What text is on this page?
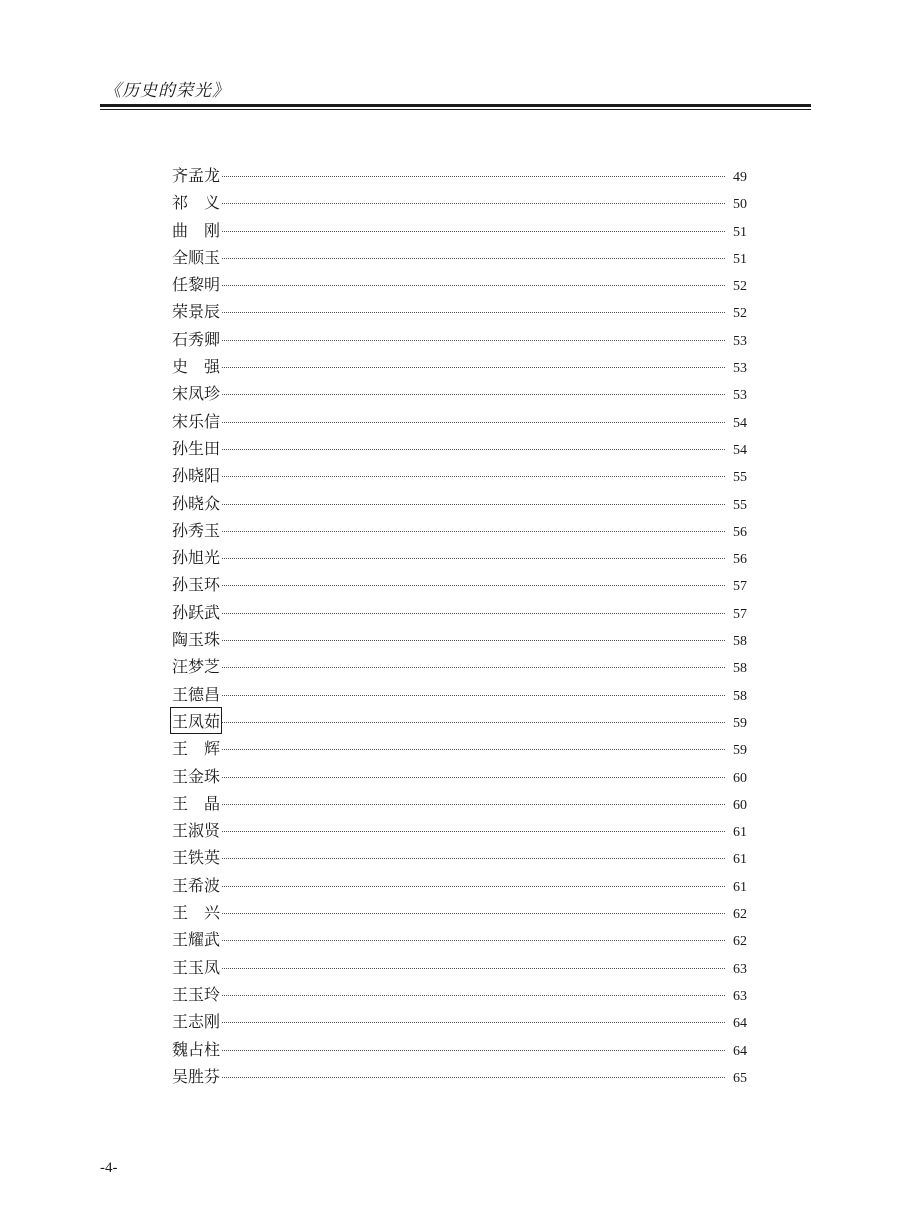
《历史的荣光》
齐孟龙	49
祁　义	50
曲　刚	51
全顺玉	51
任黎明	52
荣景辰	52
石秀卿	53
史　强	53
宋凤珍	53
宋乐信	54
孙生田	54
孙晓阳	55
孙晓众	55
孙秀玉	56
孙旭光	56
孙玉环	57
孙跃武	57
陶玉珠	58
汪梦芝	58
王德昌	58
王凤茹	59
王　辉	59
王金珠	60
王　晶	60
王淑贤	61
王铁英	61
王希波	61
王　兴	62
王耀武	62
王玉凤	63
王玉玲	63
王志刚	64
魏占柱	64
吴胜芬	65
-4-
